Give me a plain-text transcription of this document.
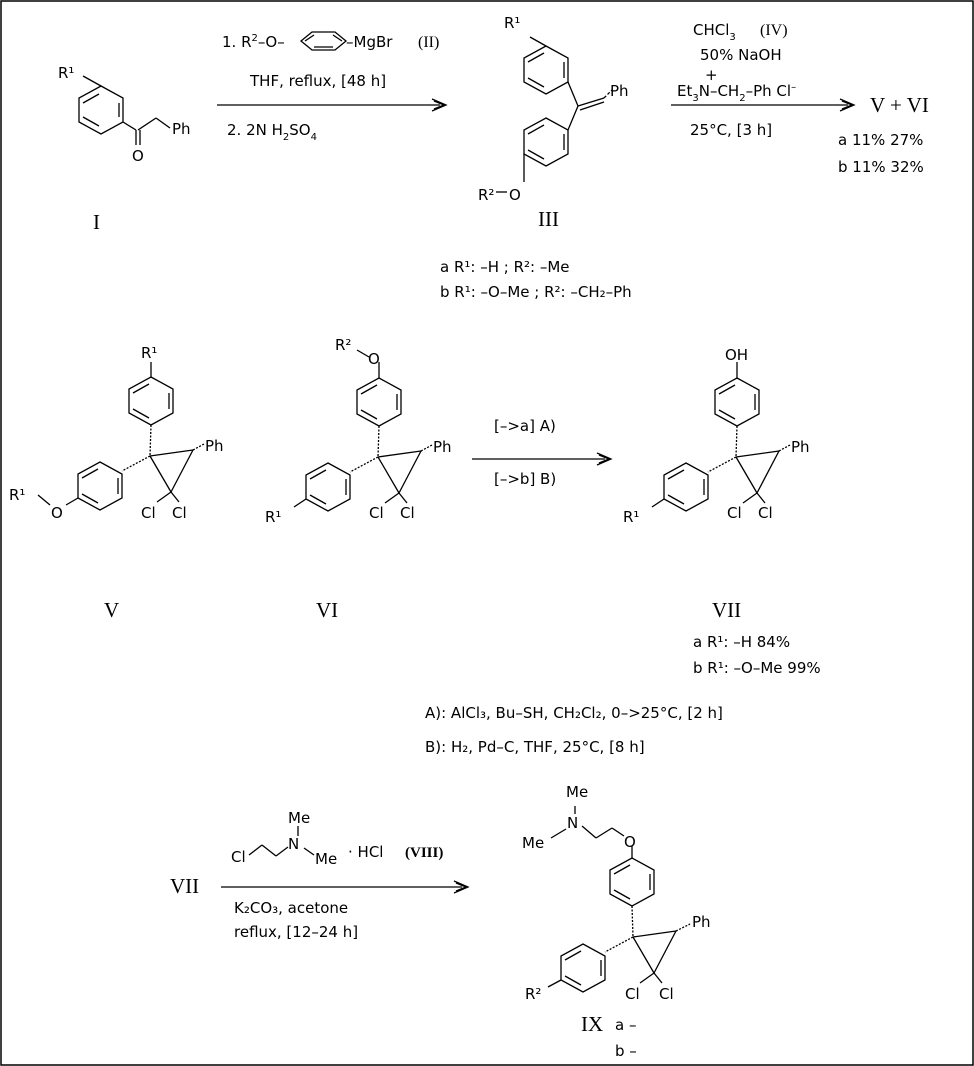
R¹
O
Ph
I
1. $R^2-O-$	–MgBr (II)
THF, reflux, [48 h]
2. 2N $H_2SO_4$
R¹
Ph
R² O
III
CHCl$_3$ (IV)
50% NaOH
+
$Et_3N-CH_2-Ph$ Cl–
25°C, [3 h]
V + VI
a 11% 27%
b 11% 32%
a R¹: –H ; R²: –Me
b R¹: –O–Me ; R²: –CH₂–Ph
R¹
Ph
R¹
O	Cl Cl
V
R²
O
Ph
R¹	Cl Cl
VI
[–>a] A)
[–>b] B)
OH
Ph
R¹	Cl Cl
VII
a R¹: –H 84%
b R¹: –O–Me 99%
A): AlCl₃, Bu–SH, CH₂Cl₂, 0–>25°C, [2 h]
B): H₂, Pd–C, THF, 25°C, [8 h]
VII
Cl
Me
N
Me · HCl (VIII)
K₂CO₃, acetone
reflux, [12–24 h]
Me
N
Me	O
Ph
R²	Cl Cl
IX a –
b –
